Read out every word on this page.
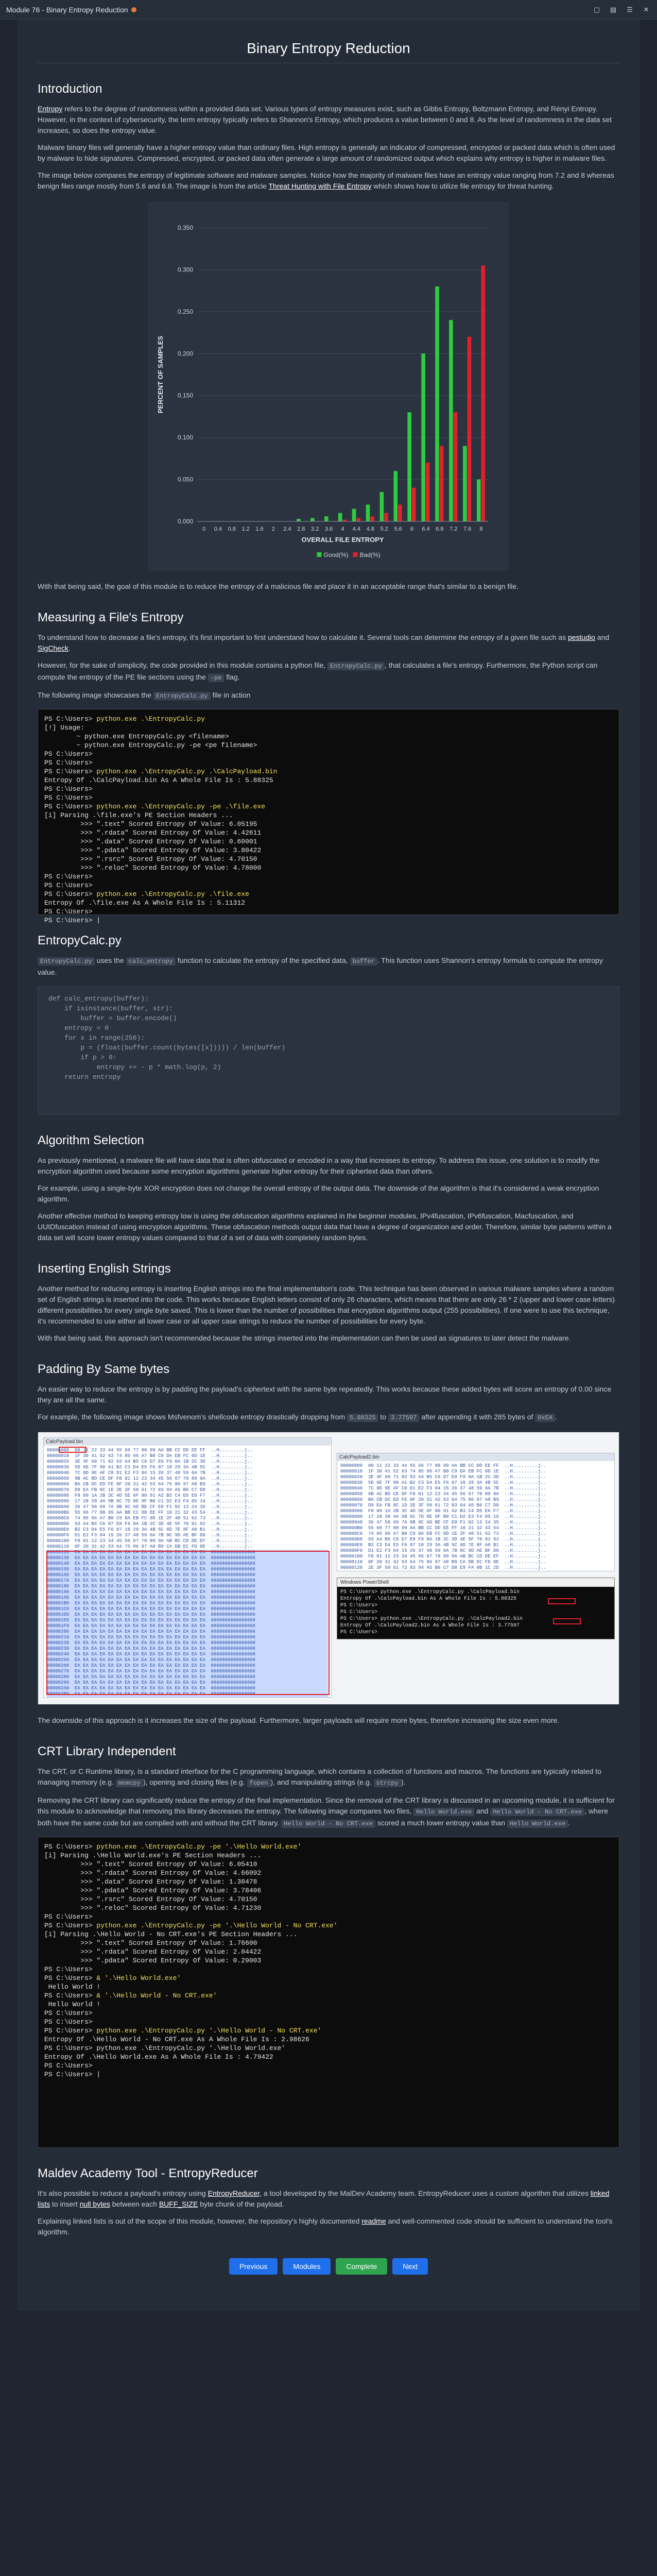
Module 76 - Binary Entropy Reduction	▢ ▤ ☰ ✕
Binary Entropy Reduction
Introduction

Entropy refers to the degree of randomness within a provided data set. Various types of entropy measures exist, such as Gibbs Entropy, Boltzmann Entropy, and Rényi Entropy. However, in the context of cybersecurity, the term entropy typically refers to Shannon's Entropy, which produces a value between 0 and 8. As the level of randomness in the data set increases, so does the entropy value.

Malware binary files will generally have a higher entropy value than ordinary files. High entropy is generally an indicator of compressed, encrypted or packed data which is often used by malware to hide signatures. Compressed, encrypted, or packed data often generate a large amount of randomized output which explains why entropy is higher in malware files.

The image below compares the entropy of legitimate software and malware samples. Notice how the majority of malware files have an entropy value ranging from 7.2 and 8 whereas benign files range mostly from 5.6 and 6.8. The image is from the article Threat Hunting with File Entropy which shows how to utilize file entropy for threat hunting.

0.000
0.050
0.100
0.150
0.200
0.250
0.300
0.350
0 0.4 0.8 1.2 1.6 2 2.4 2.8 3.2 3.6 4 4.4 4.8 5.2 5.6 6 6.4 6.8 7.2 7.6 8
OVERALL FILE ENTROPY
PERCENT OF SAMPLES
Good(%) Bad(%)

With that being said, the goal of this module is to reduce the entropy of a malicious file and place it in an acceptable range that's similar to a benign file.

Measuring a File's Entropy

To understand how to decrease a file's entropy, it's first important to first understand how to calculate it. Several tools can determine the entropy of a given file such as pestudio and SigCheck.

However, for the sake of simplicity, the code provided in this module contains a python file, EntropyCalc.py , that calculates a file's entropy. Furthermore, the Python script can compute the entropy of the PE file sections using the -pe flag.

The following image showcases the EntropyCalc.py file in action

PS C:\Users> python.exe .\EntropyCalc.py
[!] Usage:
~ python.exe EntropyCalc.py <filename>
~ python.exe EntropyCalc.py -pe <pe filename>
PS C:\Users>
PS C:\Users>
PS C:\Users> python.exe .\EntropyCalc.py .\CalcPayload.bin
Entropy Of .\CalcPayload.bin As A Whole File Is : 5.88325
PS C:\Users>
PS C:\Users>
PS C:\Users> python.exe .\EntropyCalc.py -pe .\file.exe
[i] Parsing .\file.exe's PE Section Headers ...
>>> ".text" Scored Entropy Of Value: 6.05195
>>> ".rdata" Scored Entropy Of Value: 4.42611
>>> ".data" Scored Entropy Of Value: 0.60001
>>> ".pdata" Scored Entropy Of Value: 3.80422
>>> ".rsrc" Scored Entropy Of Value: 4.70150
>>> ".reloc" Scored Entropy Of Value: 4.78000
PS C:\Users>
PS C:\Users>
PS C:\Users> python.exe .\EntropyCalc.py .\file.exe
Entropy Of .\file.exe As A Whole File Is : 5.11312
PS C:\Users>
PS C:\Users> |
EntropyCalc.py

EntropyCalc.py uses the calc_entropy function to calculate the entropy of the specified data, buffer . This function uses Shannon's entropy formula to compute the entropy value.

def calc_entropy(buffer):
if isinstance(buffer, str):
buffer = buffer.encode()
entropy = 0
for x in range(256):
p = (float(buffer.count(bytes([x])))) / len(buffer)
if p > 0:
entropy += - p * math.log(p, 2)
return entropy
Algorithm Selection

As previously mentioned, a malware file will have data that is often obfuscated or encoded in a way that increases its entropy. To address this issue, one solution is to modify the encryption algorithm used because some encryption algorithms generate higher entropy for their ciphertext data than others.

For example, using a single-byte XOR encryption does not change the overall entropy of the output data. The downside of the algorithm is that it's considered a weak encryption algorithm.

Another effective method to keeping entropy low is using the obfuscation algorithms explained in the beginner modules, IPv4fuscation, IPv6fuscation, Macfuscation, and UUIDfuscation instead of using encryption algorithms. These obfuscation methods output data that have a degree of organization and order. Therefore, similar byte patterns within a data set will score lower entropy values compared to that of a set of data with completely random bytes.

Inserting English Strings

Another method for reducing entropy is inserting English strings into the final implementation's code. This technique has been observed in various malware samples where a random set of English strings is inserted into the code. This works because English letters consist of only 26 characters, which means that there are only 26 * 2 (upper and lower case letters) different possibilities for every single byte saved. This is lower than the number of possibilities that encryption algorithms output (255 possibilities). If one were to use this technique, it's recommended to use either all lower case or all upper case strings to reduce the number of possibilities for every byte.

With that being said, this approach isn't recommended because the strings inserted into the implementation can then be used as signatures to later detect the malware.

Padding By Same bytes

An easier way to reduce the entropy is by padding the payload's ciphertext with the same byte repeatedly. This works because these added bytes will score an entropy of 0.00 since they are all the same.

For example, the following image shows Msfvenom's shellcode entropy drastically dropping from 5.88325 to 3.77597 after appending it with 285 bytes of 0xEA .

CalcPayload.bin
00000000  00 11 22 33 44 55 66 77 88 99 AA BB CC DD EE FF  ..H.........j..
00000010  1F 30 41 52 63 74 85 96 A7 B8 C9 DA EB FC 0D 1E  ..H.........j..
00000020  3E 4F 60 71 82 93 A4 B5 C6 D7 E8 F9 0A 1B 2C 3D  ..H.........j..
00000030  5D 6E 7F 90 A1 B2 C3 D4 E5 F6 07 18 29 3A 4B 5C  ..H.........j..
00000040  7C 8D 9E AF C0 D1 E2 F3 04 15 26 37 48 59 6A 7B  ..H.........j..
00000050  9B AC BD CE DF F0 01 12 23 34 45 56 67 78 89 9A  ..H.........j..
00000060  BA CB DC ED FE 0F 20 31 42 53 64 75 86 97 A8 B9  ..H.........j..
00000070  D9 EA FB 0C 1D 2E 3F 50 61 72 83 94 A5 B6 C7 D8  ..H.........j..
00000080  F8 09 1A 2B 3C 4D 5E 6F 80 91 A2 B3 C4 D5 E6 F7  ..H.........j..
00000090  17 28 39 4A 5B 6C 7D 8E 9F B0 C1 D2 E3 F4 05 16  ..H.........j..
000000A0  36 47 58 69 7A 8B 9C AD BE CF E0 F1 02 13 24 35  ..H.........j..
000000B0  55 66 77 88 99 AA BB CC DD EE FF 10 21 32 43 54  ..H.........j..
000000C0  74 85 96 A7 B8 C9 DA EB FC 0D 1E 2F 40 51 62 73  ..H.........j..
000000D0  93 A4 B5 C6 D7 E8 F9 0A 1B 2C 3D 4E 5F 70 81 92  ..H.........j..
000000E0  B2 C3 D4 E5 F6 07 18 29 3A 4B 5C 6D 7E 8F A0 B1  ..H.........j..
000000F0  D1 E2 F3 04 15 26 37 48 59 6A 7B 8C 9D AE BF D0  ..H.........j..
00000100  F0 01 12 23 34 45 56 67 78 89 9A AB BC CD DE EF  ..H.........j..
00000110  0F 20 31 42 53 64 75 86 97 A8 B9 CA DB EC FD 0E  ..H.........j..
00000120  EA EA EA EA EA EA EA EA EA EA EA EA EA EA EA EA  êêêêêêêêêêêêêêêê
00000130  EA EA EA EA EA EA EA EA EA EA EA EA EA EA EA EA  êêêêêêêêêêêêêêêê
00000140  EA EA EA EA EA EA EA EA EA EA EA EA EA EA EA EA  êêêêêêêêêêêêêêêê
00000150  EA EA EA EA EA EA EA EA EA EA EA EA EA EA EA EA  êêêêêêêêêêêêêêêê
00000160  EA EA EA EA EA EA EA EA EA EA EA EA EA EA EA EA  êêêêêêêêêêêêêêêê
00000170  EA EA EA EA EA EA EA EA EA EA EA EA EA EA EA EA  êêêêêêêêêêêêêêêê
00000180  EA EA EA EA EA EA EA EA EA EA EA EA EA EA EA EA  êêêêêêêêêêêêêêêê
00000190  EA EA EA EA EA EA EA EA EA EA EA EA EA EA EA EA  êêêêêêêêêêêêêêêê
000001A0  EA EA EA EA EA EA EA EA EA EA EA EA EA EA EA EA  êêêêêêêêêêêêêêêê
000001B0  EA EA EA EA EA EA EA EA EA EA EA EA EA EA EA EA  êêêêêêêêêêêêêêêê
000001C0  EA EA EA EA EA EA EA EA EA EA EA EA EA EA EA EA  êêêêêêêêêêêêêêêê
000001D0  EA EA EA EA EA EA EA EA EA EA EA EA EA EA EA EA  êêêêêêêêêêêêêêêê
000001E0  EA EA EA EA EA EA EA EA EA EA EA EA EA EA EA EA  êêêêêêêêêêêêêêêê
000001F0  EA EA EA EA EA EA EA EA EA EA EA EA EA EA EA EA  êêêêêêêêêêêêêêêê
00000200  EA EA EA EA EA EA EA EA EA EA EA EA EA EA EA EA  êêêêêêêêêêêêêêêê
00000210  EA EA EA EA EA EA EA EA EA EA EA EA EA EA EA EA  êêêêêêêêêêêêêêêê
00000220  EA EA EA EA EA EA EA EA EA EA EA EA EA EA EA EA  êêêêêêêêêêêêêêêê
00000230  EA EA EA EA EA EA EA EA EA EA EA EA EA EA EA EA  êêêêêêêêêêêêêêêê
00000240  EA EA EA EA EA EA EA EA EA EA EA EA EA EA EA EA  êêêêêêêêêêêêêêêê
00000250  EA EA EA EA EA EA EA EA EA EA EA EA EA EA EA EA  êêêêêêêêêêêêêêêê
00000260  EA EA EA EA EA EA EA EA EA EA EA EA EA EA EA EA  êêêêêêêêêêêêêêêê
00000270  EA EA EA EA EA EA EA EA EA EA EA EA EA EA EA EA  êêêêêêêêêêêêêêêê
00000280  EA EA EA EA EA EA EA EA EA EA EA EA EA EA EA EA  êêêêêêêêêêêêêêêê
00000290  EA EA EA EA EA EA EA EA EA EA EA EA EA EA EA EA  êêêêêêêêêêêêêêêê
000002A0  EA EA EA EA EA EA EA EA EA EA EA EA EA EA EA EA  êêêêêêêêêêêêêêêê
000002B0  EA EA EA EA EA EA EA EA EA EA EA EA EA EA EA EA  êêêêêêêêêêêêêêêê
CalcPayload2.bin
00000000  00 11 22 33 44 55 66 77 88 99 AA BB CC DD EE FF  ..H.........j..
00000010  1F 30 41 52 63 74 85 96 A7 B8 C9 DA EB FC 0D 1E  ..H.........j..
00000020  3E 4F 60 71 82 93 A4 B5 C6 D7 E8 F9 0A 1B 2C 3D  ..H.........j..
00000030  5D 6E 7F 90 A1 B2 C3 D4 E5 F6 07 18 29 3A 4B 5C  ..H.........j..
00000040  7C 8D 9E AF C0 D1 E2 F3 04 15 26 37 48 59 6A 7B  ..H.........j..
00000050  9B AC BD CE DF F0 01 12 23 34 45 56 67 78 89 9A  ..H.........j..
00000060  BA CB DC ED FE 0F 20 31 42 53 64 75 86 97 A8 B9  ..H.........j..
00000070  D9 EA FB 0C 1D 2E 3F 50 61 72 83 94 A5 B6 C7 D8  ..H.........j..
00000080  F8 09 1A 2B 3C 4D 5E 6F 80 91 A2 B3 C4 D5 E6 F7  ..H.........j..
00000090  17 28 39 4A 5B 6C 7D 8E 9F B0 C1 D2 E3 F4 05 16  ..H.........j..
000000A0  36 47 58 69 7A 8B 9C AD BE CF E0 F1 02 13 24 35  ..H.........j..
000000B0  55 66 77 88 99 AA BB CC DD EE FF 10 21 32 43 54  ..H.........j..
000000C0  74 85 96 A7 B8 C9 DA EB FC 0D 1E 2F 40 51 62 73  ..H.........j..
000000D0  93 A4 B5 C6 D7 E8 F9 0A 1B 2C 3D 4E 5F 70 81 92  ..H.........j..
000000E0  B2 C3 D4 E5 F6 07 18 29 3A 4B 5C 6D 7E 8F A0 B1  ..H.........j..
000000F0  D1 E2 F3 04 15 26 37 48 59 6A 7B 8C 9D AE BF D0  ..H.........j..
00000100  F0 01 12 23 34 45 56 67 78 89 9A AB BC CD DE EF  ..H.........j..
00000110  0F 20 31 42 53 64 75 86 97 A8 B9 CA DB EC FD 0E  ..H.........j..
00000120  2E 3F 50 61 72 83 94 A5 B6 C7 D8 E9 FA 0B 1C 2D  ..H.........j..
Windows PowerShell
PS C:\Users> python.exe .\EntropyCalc.py .\CalcPayload.bin
Entropy Of .\CalcPayload.bin As A Whole File Is : 5.88325
PS C:\Users>
PS C:\Users>
PS C:\Users> python.exe .\EntropyCalc.py .\CalcPayload2.bin
Entropy Of .\CalcPayload2.bin As A Whole File Is : 3.77597
PS C:\Users>

The downside of this approach is it increases the size of the payload. Furthermore, larger payloads will require more bytes, therefore increasing the size even more.

CRT Library Independent

The CRT, or C Runtime library, is a standard interface for the C programming language, which contains a collection of functions and macros. The functions are typically related to managing memory (e.g. memcpy ), opening and closing files (e.g. fopen ), and manipulating strings (e.g. strcpy ).

Removing the CRT library can significantly reduce the entropy of the final implementation. Since the removal of the CRT library is discussed in an upcoming module, it is sufficient for this module to acknowledge that removing this library decreases the entropy. The following image compares two files, Hello World.exe and Hello World - No CRT.exe , where both have the same code but are compiled with and without the CRT library. Hello World - No CRT.exe scored a much lower entropy value than Hello World.exe .

PS C:\Users> python.exe .\EntropyCalc.py -pe '.\Hello World.exe'
[i] Parsing .\Hello World.exe's PE Section Headers ...
>>> ".text" Scored Entropy Of Value: 6.05410
>>> ".rdata" Scored Entropy Of Value: 4.66092
>>> ".data" Scored Entropy Of Value: 1.30478
>>> ".pdata" Scored Entropy Of Value: 3.78406
>>> ".rsrc" Scored Entropy Of Value: 4.70150
>>> ".reloc" Scored Entropy Of Value: 4.71230
PS C:\Users>
PS C:\Users> python.exe .\EntropyCalc.py -pe '.\Hello World - No CRT.exe'
[i] Parsing .\Hello World - No CRT.exe's PE Section Headers ...
>>> ".text" Scored Entropy Of Value: 1.76600
>>> ".rdata" Scored Entropy Of Value: 2.04422
>>> ".pdata" Scored Entropy Of Value: 0.29003
PS C:\Users>
PS C:\Users> & '.\Hello World.exe'
Hello World !
PS C:\Users> & '.\Hello World - No CRT.exe'
Hello World !
PS C:\Users>
PS C:\Users>
PS C:\Users> python.exe .\EntropyCalc.py '.\Hello World - No CRT.exe'
Entropy Of .\Hello World - No CRT.exe As A Whole File Is : 2.98626
PS C:\Users> python.exe .\EntropyCalc.py '.\Hello World.exe'
Entropy Of .\Hello World.exe As A Whole File Is : 4.79422
PS C:\Users>
PS C:\Users> |
Maldev Academy Tool - EntropyReducer

It's also possible to reduce a payload's entropy using EntropyReducer, a tool developed by the MalDev Academy team. EntropyReducer uses a custom algorithm that utilizes linked lists to insert null bytes between each BUFF_SIZE byte chunk of the payload.

Explaining linked lists is out of the scope of this module, however, the repository's highly documented readme and well-commented code should be sufficient to understand the tool's algorithm.

Previous	Modules	Complete	Next
